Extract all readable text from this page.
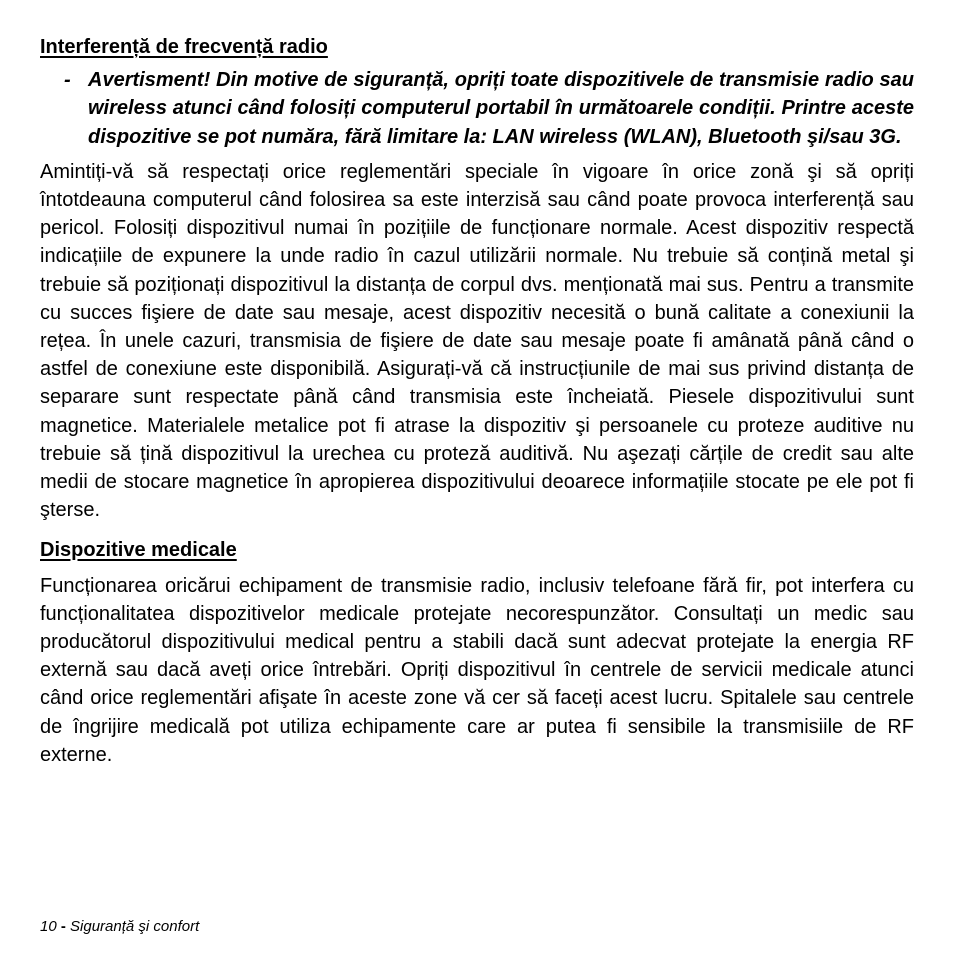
Interferență de frecvență radio

- Avertisment! Din motive de siguranță, opriți toate dispozitivele de transmisie radio sau wireless atunci când folosiți computerul portabil în următoarele condiții. Printre aceste dispozitive se pot număra, fără limitare la: LAN wireless (WLAN), Bluetooth şi/sau 3G.

Amintiți-vă să respectați orice reglementări speciale în vigoare în orice zonă şi să opriți întotdeauna computerul când folosirea sa este interzisă sau când poate provoca interferență sau pericol. Folosiți dispozitivul numai în pozițiile de funcționare normale. Acest dispozitiv respectă indicațiile de expunere la unde radio în cazul utilizării normale. Nu trebuie să conțină metal şi trebuie să poziționați dispozitivul la distanța de corpul dvs. menționată mai sus. Pentru a transmite cu succes fişiere de date sau mesaje, acest dispozitiv necesită o bună calitate a conexiunii la rețea. În unele cazuri, transmisia de fişiere de date sau mesaje poate fi amânată până când o astfel de conexiune este disponibilă. Asigurați-vă că instrucțiunile de mai sus privind distanța de separare sunt respectate până când transmisia este încheiată. Piesele dispozitivului sunt magnetice. Materialele metalice pot fi atrase la dispozitiv şi persoanele cu proteze auditive nu trebuie să țină dispozitivul la urechea cu proteză auditivă. Nu aşezați cărțile de credit sau alte medii de stocare magnetice în apropierea dispozitivului deoarece informațiile stocate pe ele pot fi şterse.

Dispozitive medicale

Funcționarea oricărui echipament de transmisie radio, inclusiv telefoane fără fir, pot interfera cu funcționalitatea dispozitivelor medicale protejate necorespunzător. Consultați un medic sau producătorul dispozitivului medical pentru a stabili dacă sunt adecvat protejate la energia RF externă sau dacă aveți orice întrebări. Opriți dispozitivul în centrele de servicii medicale atunci când orice reglementări afişate în aceste zone vă cer să faceți acest lucru. Spitalele sau centrele de îngrijire medicală pot utiliza echipamente care ar putea fi sensibile la transmisiile de RF externe.

10 - Siguranță şi confort
